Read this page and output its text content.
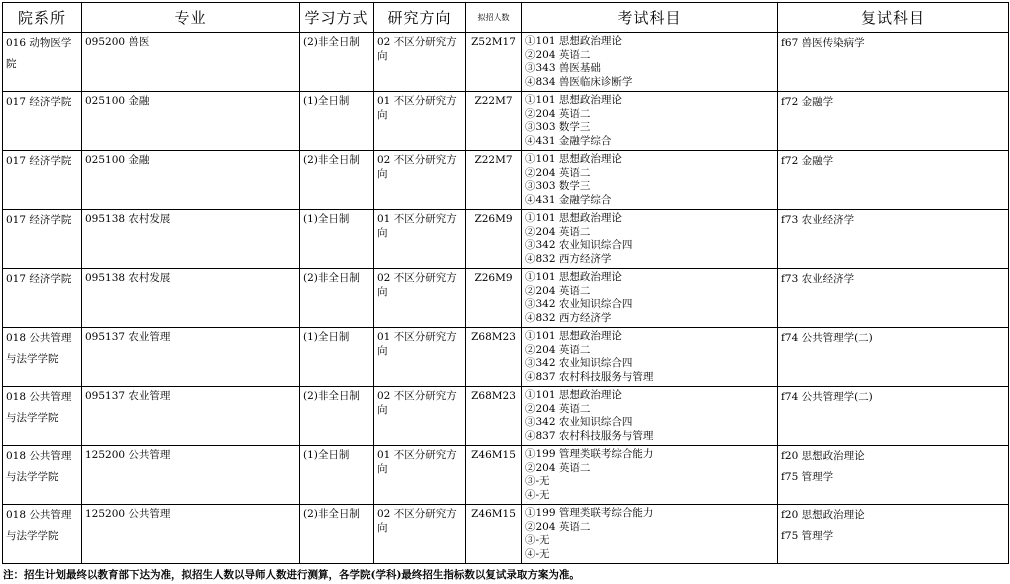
院系所	专业	学习方式	研究方向	拟招人数	考试科目	复试科目

016 动物医学院	095200 兽医	(2)非全日制	02 不区分研究方向	Z52M17	①101 思想政治理论
②204 英语二
③343 兽医基础
④834 兽医临床诊断学	f67 兽医传染病学

017 经济学院	025100 金融	(1)全日制	01 不区分研究方向	Z22M7	①101 思想政治理论
②204 英语二
③303 数学三
④431 金融学综合	f72 金融学

017 经济学院	025100 金融	(2)非全日制	02 不区分研究方向	Z22M7	①101 思想政治理论
②204 英语二
③303 数学三
④431 金融学综合	f72 金融学

017 经济学院	095138 农村发展	(1)全日制	01 不区分研究方向	Z26M9	①101 思想政治理论
②204 英语二
③342 农业知识综合四
④832 西方经济学	f73 农业经济学

017 经济学院	095138 农村发展	(2)非全日制	02 不区分研究方向	Z26M9	①101 思想政治理论
②204 英语二
③342 农业知识综合四
④832 西方经济学	f73 农业经济学

018 公共管理与法学学院	095137 农业管理	(1)全日制	01 不区分研究方向	Z68M23	①101 思想政治理论
②204 英语二
③342 农业知识综合四
④837 农村科技服务与管理	f74 公共管理学(二)

018 公共管理与法学学院	095137 农业管理	(2)非全日制	02 不区分研究方向	Z68M23	①101 思想政治理论
②204 英语二
③342 农业知识综合四
④837 农村科技服务与管理	f74 公共管理学(二)

018 公共管理与法学学院	125200 公共管理	(1)全日制	01 不区分研究方向	Z46M15	①199 管理类联考综合能力
②204 英语二
③-无
④-无	f20 思想政治理论
f75 管理学

018 公共管理与法学学院	125200 公共管理	(2)非全日制	02 不区分研究方向	Z46M15	①199 管理类联考综合能力
②204 英语二
③-无
④-无	f20 思想政治理论
f75 管理学
注：招生计划最终以教育部下达为准，拟招生人数以导师人数进行测算，各学院(学科)最终招生指标数以复试录取方案为准。
